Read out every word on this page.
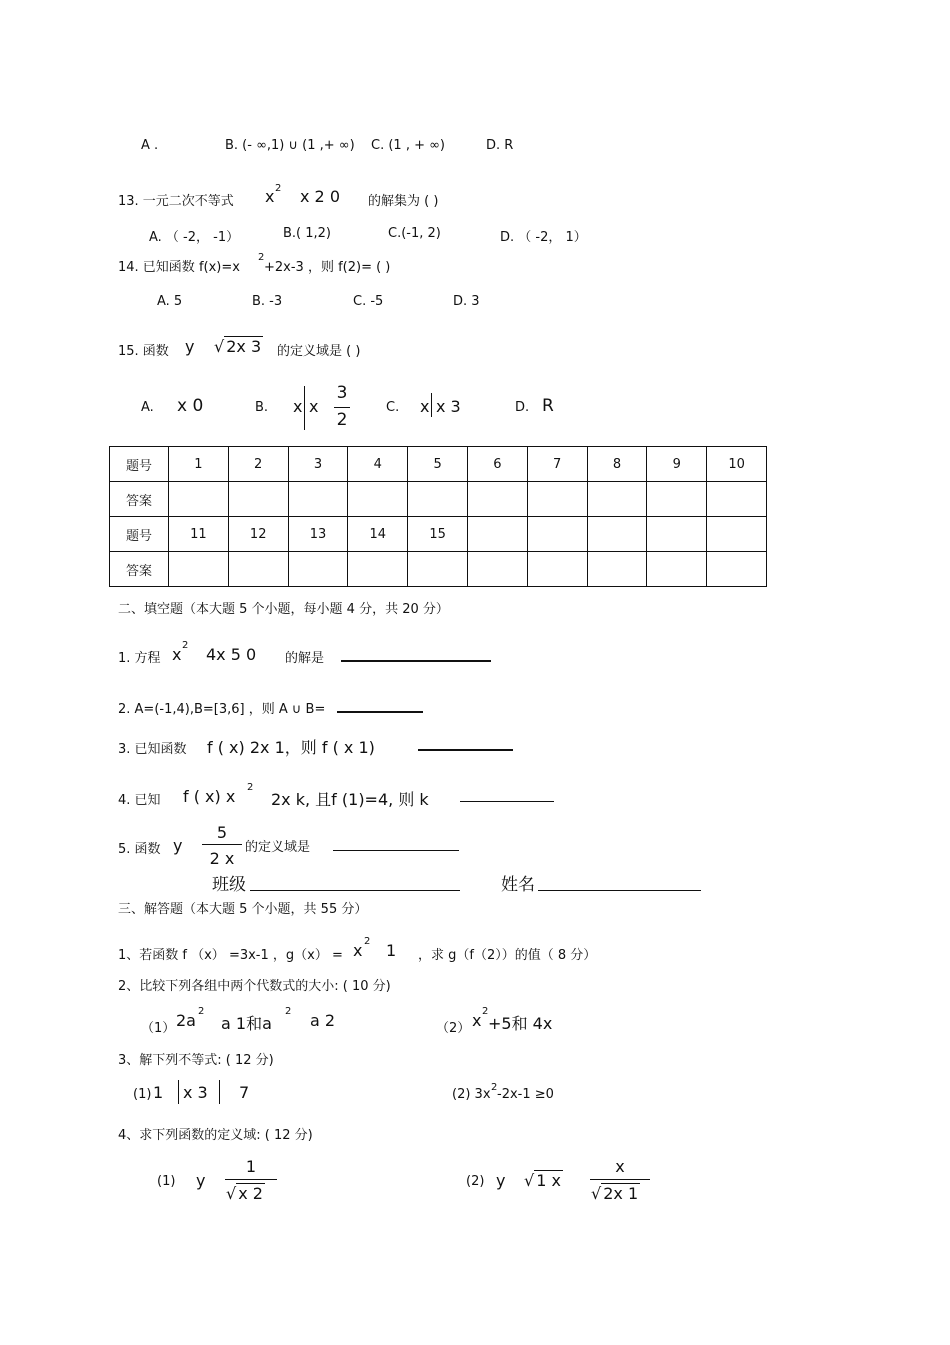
A .	B. (- ∞,1) ∪ (1 ,+ ∞) C. (1 , + ∞)	D. R
13. 一元二次不等式 x 2 x 2 0 的解集为 ( )
A. （ -2， -1）	B.( 1,2)	C.(-1, 2)	D. （ -2， 1）
14. 已知函数 f(x)=x
2
+2x-3 ，则 f(2)= ( )
A. 5	B. -3	C. -5	D. 3
15. 函数 y √ 2x 3 的定义域是 ( )
A. x 0	B. x x
3
2
C. x x 3	D. R
题号	1	2	3	4	5	6	7	8	9	10
答案										
题号	11	12	13	14	15					
答案										
二、填空题（本大题 5 个小题，每小题 4 分，共 20 分）
1. 方程 x 2 4x 5 0 的解是
2. A=(-1,4),B=[3,6] ，则 A ∪ B=
3. 已知函数 f ( x) 2x 1，则 f ( x 1)
4. 已知 f ( x) x 2
2x k, 且f (1)=4, 则 k
5. 函数 y
5
2 x
的定义域是
班级	姓名
三、解答题（本大题 5 个小题，共 55 分）
1、若函数 f （x） =3x-1 ，g（x） = x 2 1 ，求 g（f（2））的值（ 8 分）
2、比较下列各组中两个代数式的大小: ( 10 分)
（1） 2a 2
a 1和a
2 a 2	（2） x 2
+5和 4x
3、解下列不等式: ( 12 分)
(1) 1 x 3 7	(2) 3x 2 -2x-1 ≥0
4、求下列函数的定义域: ( 12 分)
(1) y
1
√ x 2
(2) y √ 1 x
x
√ 2x 1
